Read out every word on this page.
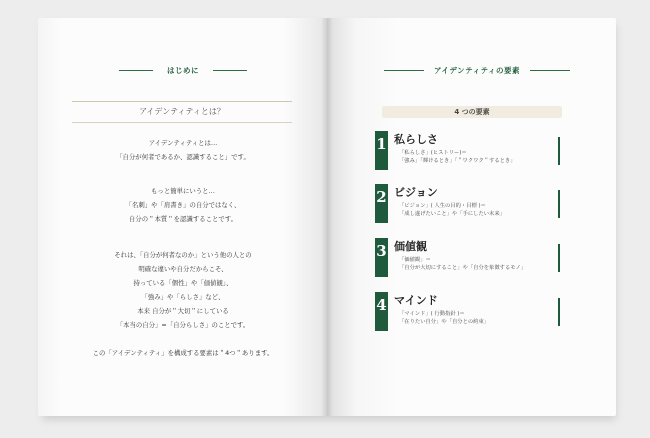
はじめに
アイデンティティとは？
アイデンティティとは…
「自分が何者であるか、認識すること」です。
もっと簡単にいうと…
「名刺」や「肩書き」の自分ではなく、
自分の＂本質＂を認識することです。
それは、「自分が何者なのか」という他の人との
明確な違いや自分だからこそ、
持っている「個性」や「価値観」、
「強み」や「らしさ」など、
本来 自分が＂大切＂にしている
「本当の自分」=「自分らしさ」のことです。
この「アイデンティティ」を構成する要素は＂4つ＂あります。
アイデンティティの要素
4 つの要素
1 私らしさ
「私らしさ」(ヒストリー)＝
「強み」「輝けるとき」「＂ワクワク＂するとき」
2 ビジョン
「ビジョン」( 人生の目的・目標 )＝
「成し遂げたいこと」や「手にしたい未来」
3 価値観
「価値観」＝
「自分が大切にすること」や「自分を象徴するモノ」
4 マインド
「マインド」( 行動指針 )＝
「在りたい自分」や「自分との約束」
